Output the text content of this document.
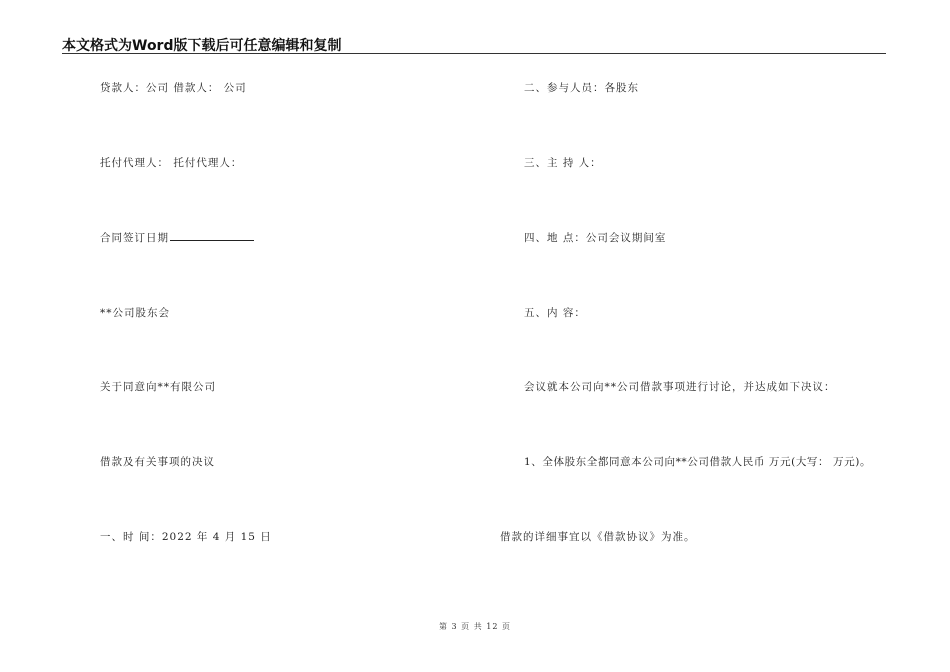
本文格式为Word版下载后可任意编辑和复制
贷款人：公司 借款人： 公司
托付代理人： 托付代理人：
合同签订日期
**公司股东会
关于同意向**有限公司
借款及有关事项的决议
一、时 间：2022 年 4 月 15 日
二、参与人员：各股东
三、主 持 人：
四、地 点：公司会议期间室
五、内 容：
会议就本公司向**公司借款事项进行讨论，并达成如下决议：
1、全体股东全都同意本公司向**公司借款人民币 万元(大写： 万元)。
借款的详细事宜以《借款协议》为准。
第 3 页 共 12 页
